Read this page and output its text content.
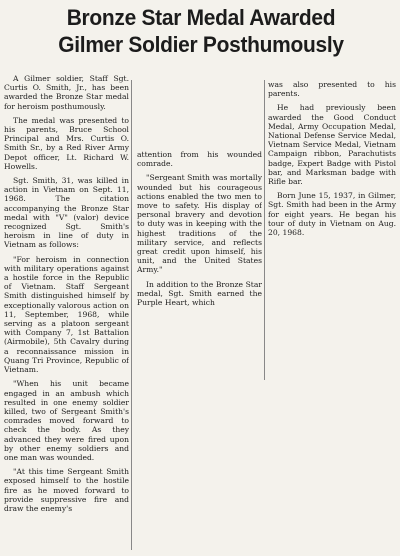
Bronze Star Medal Awarded
Gilmer Soldier Posthumously

A Gilmer soldier, Staff Sgt. Curtis O. Smith, Jr., has been awarded the Bronze Star medal for heroism posthumously.

The medal was presented to his parents, Bruce School Principal and Mrs. Curtis O. Smith Sr., by a Red River Army Depot officer, Lt. Richard W. Howells.

Sgt. Smith, 31, was killed in action in Vietnam on Sept. 11, 1968. The citation accompanying the Bronze Star medal with "V" (valor) device recognized Sgt. Smith's heroism in line of duty in Vietnam as follows:

"For heroism in connection with military operations against a hostile force in the Republic of Vietnam. Staff Sergeant Smith distinguished himself by exceptionally valorous action on 11, September, 1968, while serving as a platoon sergeant with Company 7, 1st Battalion (Airmobile), 5th Cavalry during a reconnaissance mission in Quang Tri Province, Republic of Vietnam.

"When his unit became engaged in an ambush which resulted in one enemy soldier killed, two of Sergeant Smith's comrades moved forward to check the body. As they advanced they were fired upon by other enemy soldiers and one man was wounded.

"At this time Sergeant Smith exposed himself to the hostile fire as he moved forward to provide suppressive fire and draw the enemy's

attention from his wounded comrade.

"Sergeant Smith was mortally wounded but his courageous actions enabled the two men to move to safety. His display of personal bravery and devotion to duty was in keeping with the highest traditions of the military service, and reflects great credit upon himself, his unit, and the United States Army."

In addition to the Bronze Star medal, Sgt. Smith earned the Purple Heart, which

was also presented to his parents.

He had previously been awarded the Good Conduct Medal, Army Occupation Medal, National Defense Service Medal, Vietnam Service Medal, Vietnam Campaign ribbon, Parachutists badge, Expert Badge with Pistol bar, and Marksman badge with Rifle bar.

Born June 15, 1937, in Gilmer, Sgt. Smith had been in the Army for eight years. He began his tour of duty in Vietnam on Aug. 20, 1968.
